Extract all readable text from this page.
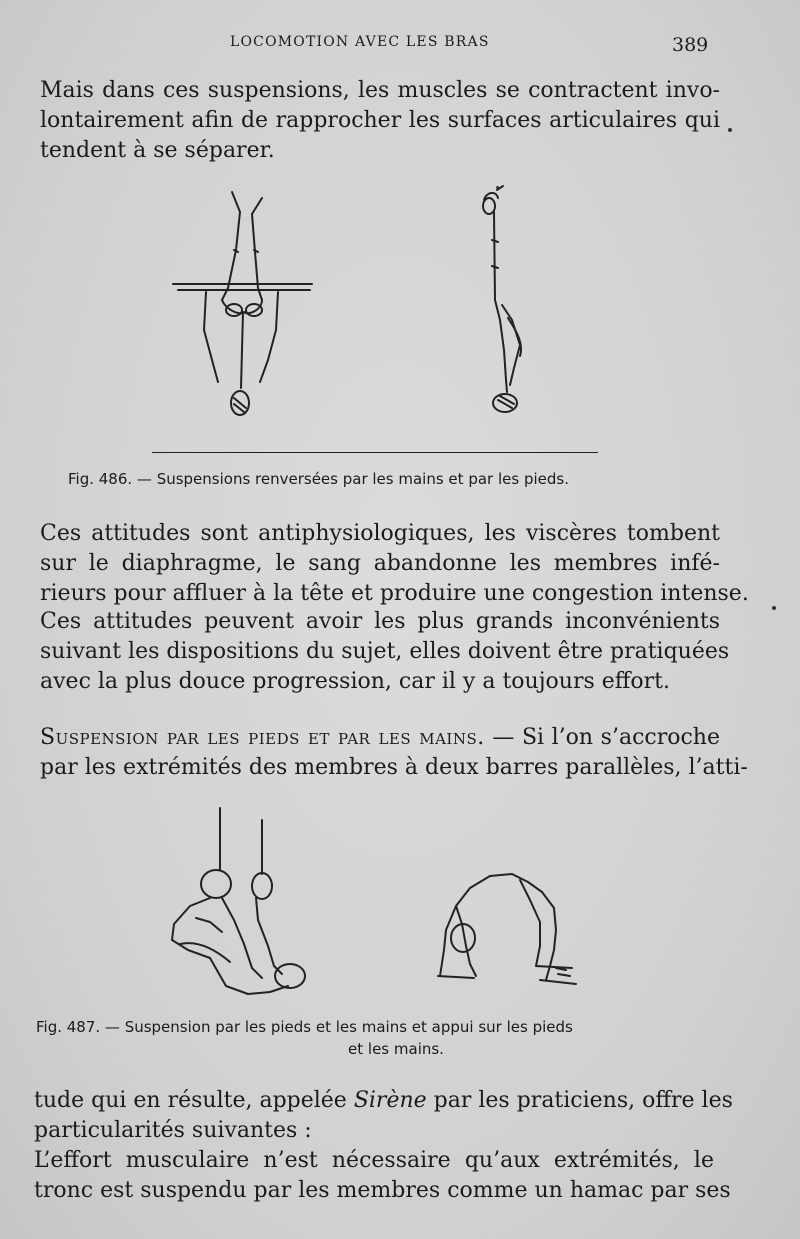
LOCOMOTION AVEC LES BRAS	389
Mais dans ces suspensions, les muscles se contractent invo-
lontairement afin de rapprocher les surfaces articulaires qui
tendent à se séparer.
Fig. 486. — Suspensions renversées par les mains et par les pieds.
Ces attitudes sont antiphysiologiques, les viscères tombent
sur le diaphragme, le sang abandonne les membres infé-
rieurs pour affluer à la tête et produire une congestion intense.
Ces attitudes peuvent avoir les plus grands inconvénients
suivant les dispositions du sujet, elles doivent être pratiquées
avec la plus douce progression, car il y a toujours effort.
Suspension par les pieds et par les mains. — Si l’on s’accroche
par les extrémités des membres à deux barres parallèles, l’atti-
Fig. 487. — Suspension par les pieds et les mains et appui sur les pieds
et les mains.
tude qui en résulte, appelée Sirène par les praticiens, offre les
particularités suivantes :
L’effort musculaire n’est nécessaire qu’aux extrémités, le
tronc est suspendu par les membres comme un hamac par ses
